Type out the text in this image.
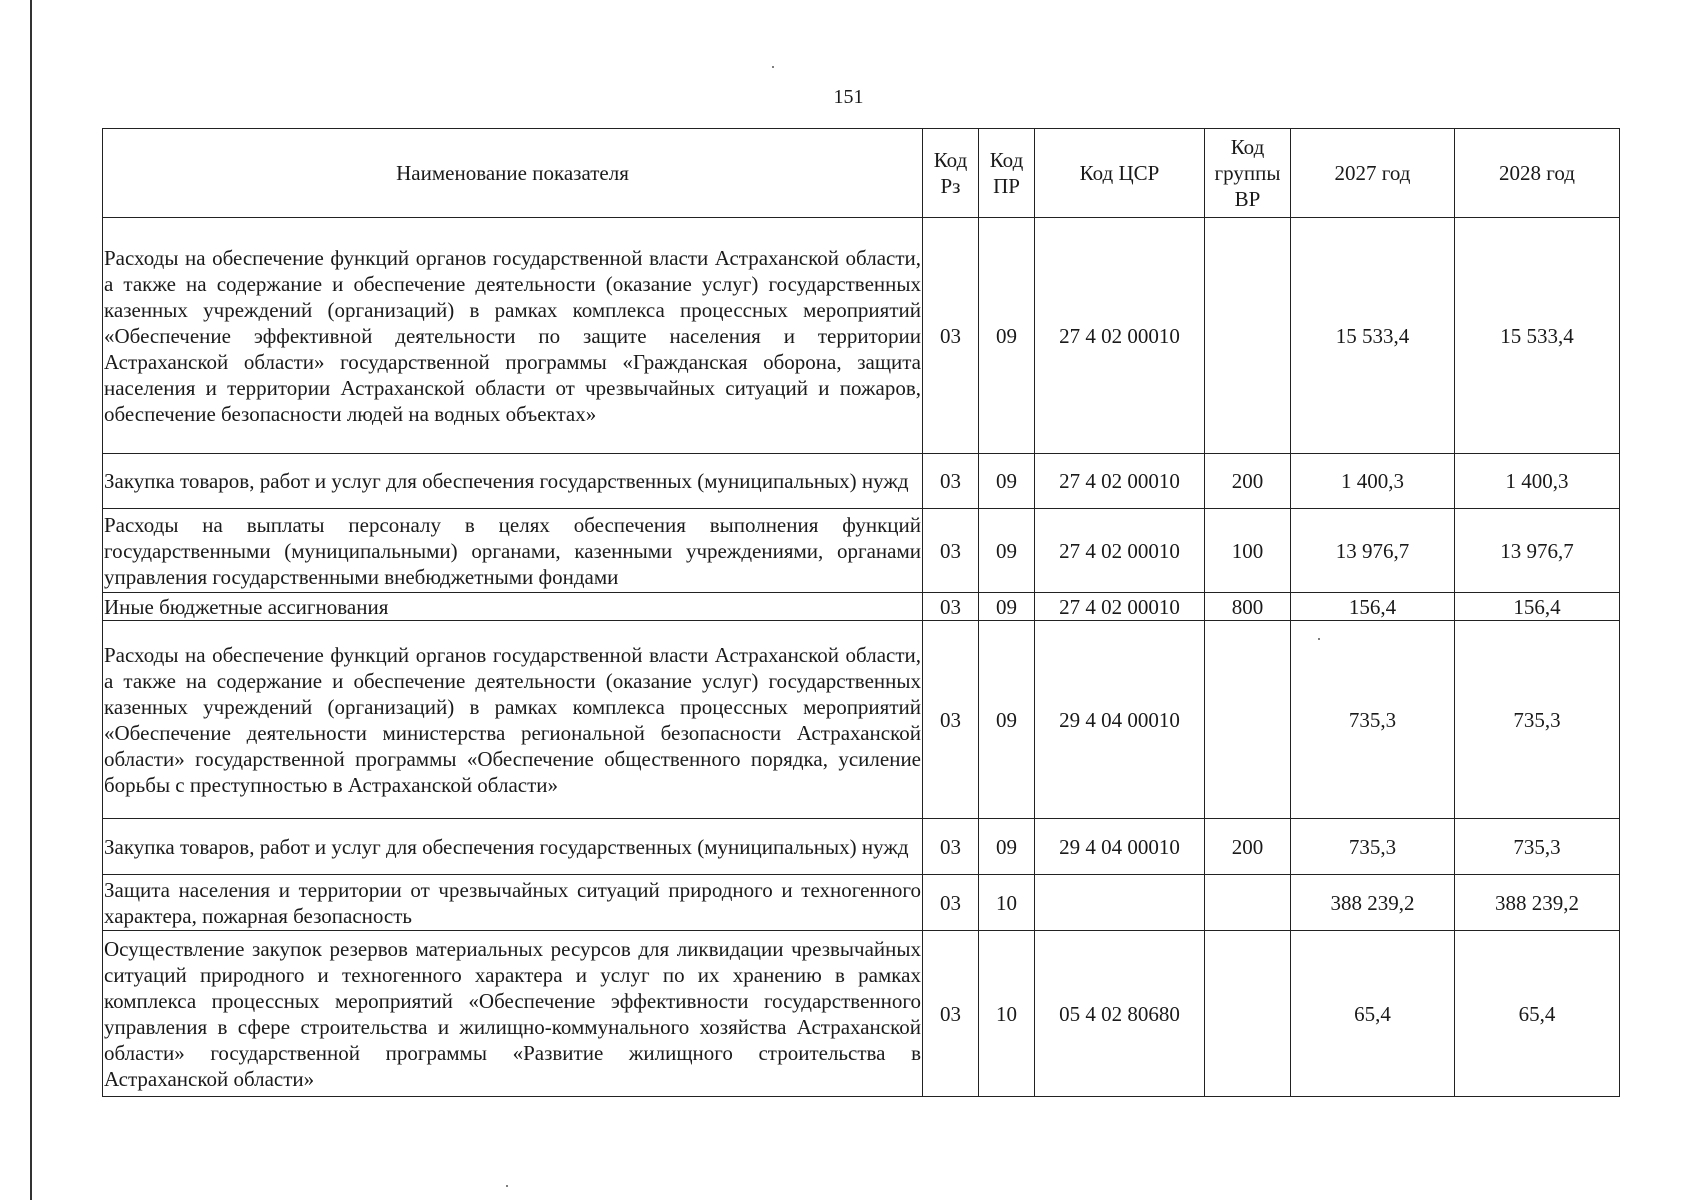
151
Наименование показателя	Код Рз	Код ПР	Код ЦСР	Код группы ВР	2027 год	2028 год
Расходы на обеспечение функций органов государственной власти Астраханской области, а также на содержание и обеспечение деятельности (оказание услуг) государственных казенных учреждений (организаций) в рамках комплекса процессных мероприятий «Обеспечение эффективной деятельности по защите населения и территории Астраханской области» государственной программы «Гражданская оборона, защита населения и территории Астраханской области от чрезвычайных ситуаций и пожаров, обеспечение безопасности людей на водных объектах»	03	09	27 4 02 00010		15 533,4	15 533,4
Закупка товаров, работ и услуг для обеспечения государственных (муниципальных) нужд	03	09	27 4 02 00010	200	1 400,3	1 400,3
Расходы на выплаты персоналу в целях обеспечения выполнения функций государственными (муниципальными) органами, казенными учреждениями, органами управления государственными внебюджетными фондами	03	09	27 4 02 00010	100	13 976,7	13 976,7
Иные бюджетные ассигнования	03	09	27 4 02 00010	800	156,4	156,4
Расходы на обеспечение функций органов государственной власти Астраханской области, а также на содержание и обеспечение деятельности (оказание услуг) государственных казенных учреждений (организаций) в рамках комплекса процессных мероприятий «Обеспечение деятельности министерства региональной безопасности Астраханской области» государственной программы «Обеспечение общественного порядка, усиление борьбы с преступностью в Астраханской области»	03	09	29 4 04 00010		735,3	735,3
Закупка товаров, работ и услуг для обеспечения государственных (муниципальных) нужд	03	09	29 4 04 00010	200	735,3	735,3
Защита населения и территории от чрезвычайных ситуаций природного и техногенного характера, пожарная безопасность	03	10			388 239,2	388 239,2
Осуществление закупок резервов материальных ресурсов для ликвидации чрезвычайных ситуаций природного и техногенного характера и услуг по их хранению в рамках комплекса процессных мероприятий «Обеспечение эффективности государственного управления в сфере строительства и жилищно-коммунального хозяйства Астраханской области» государственной программы «Развитие жилищного строительства в Астраханской области»	03	10	05 4 02 80680		65,4	65,4
